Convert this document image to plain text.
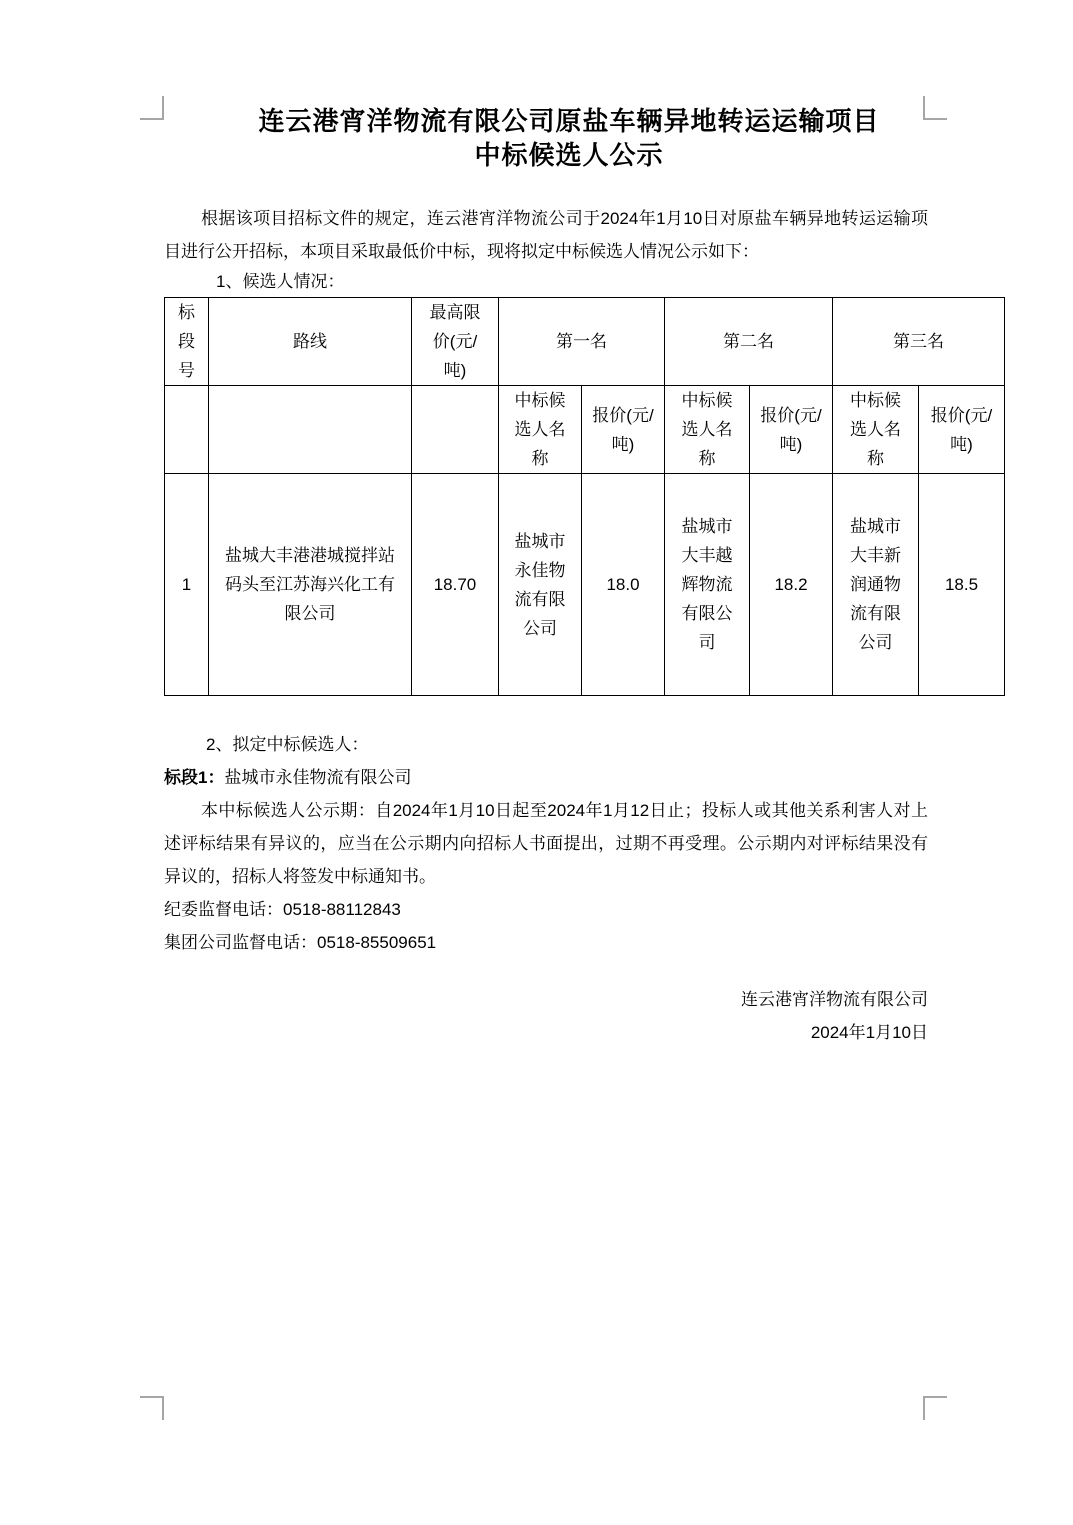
连云港宵洋物流有限公司原盐车辆异地转运运输项目
中标候选人公示

根据该项目招标文件的规定，连云港宵洋物流公司于2024年1月10日对原盐车辆异地转运运输项目进行公开招标，本项目采取最低价中标，现将拟定中标候选人情况公示如下：

1、候选人情况：
标段号	路线	最高限价(元/吨)	第一名		第二名		第三名	
			中标候选人名称	报价(元/吨)	中标候选人名称	报价(元/吨)	中标候选人名称	报价(元/吨)
1	盐城大丰港港城搅拌站码头至江苏海兴化工有限公司	18.70	盐城市永佳物流有限公司	18.0	盐城市大丰越辉物流有限公司	18.2	盐城市大丰新润通物流有限公司	18.5
2、拟定中标候选人：

标段1：盐城市永佳物流有限公司

本中标候选人公示期：自2024年1月10日起至2024年1月12日止；投标人或其他关系利害人对上述评标结果有异议的，应当在公示期内向招标人书面提出，过期不再受理。公示期内对评标结果没有异议的，招标人将签发中标通知书。

纪委监督电话：0518-88112843
集团公司监督电话：0518-85509651
连云港宵洋物流有限公司
2024年1月10日
